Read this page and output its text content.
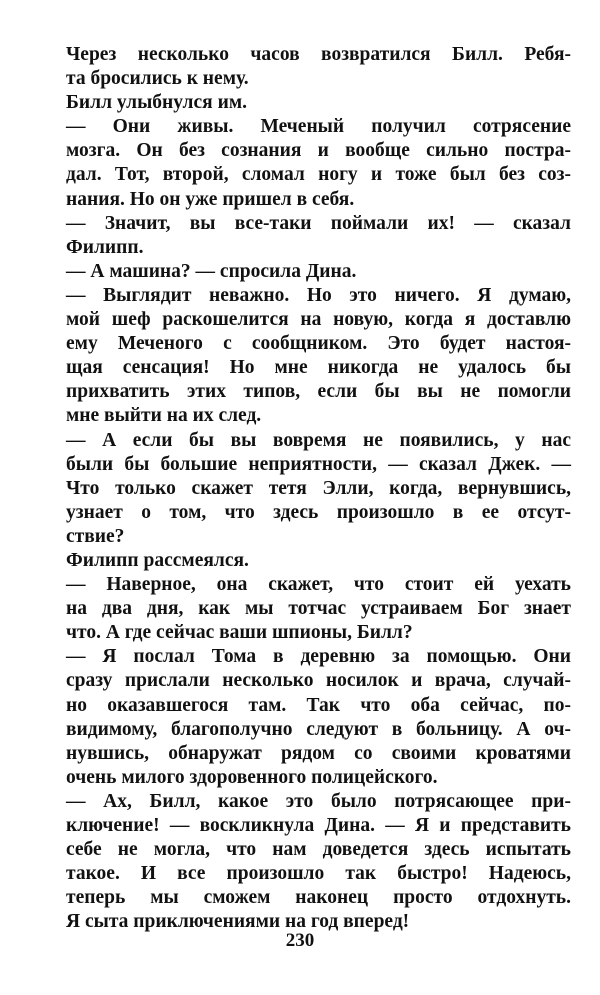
Через несколько часов возвратился Билл. Ребя-
та бросились к нему.
Билл улыбнулся им.
— Они живы. Меченый получил сотрясение
мозга. Он без сознания и вообще сильно постра-
дал. Тот, второй, сломал ногу и тоже был без соз-
нания. Но он уже пришел в себя.
— Значит, вы все-таки поймали их! — сказал
Филипп.
— А машина? — спросила Дина.
— Выглядит неважно. Но это ничего. Я думаю,
мой шеф раскошелится на новую, когда я доставлю
ему Меченого с сообщником. Это будет настоя-
щая сенсация! Но мне никогда не удалось бы
прихватить этих типов, если бы вы не помогли
мне выйти на их след.
— А если бы вы вовремя не появились, у нас
были бы большие неприятности, — сказал Джек. —
Что только скажет тетя Элли, когда, вернувшись,
узнает о том, что здесь произошло в ее отсут-
ствие?
Филипп рассмеялся.
— Наверное, она скажет, что стоит ей уехать
на два дня, как мы тотчас устраиваем Бог знает
что. А где сейчас ваши шпионы, Билл?
— Я послал Тома в деревню за помощью. Они
сразу прислали несколько носилок и врача, случай-
но оказавшегося там. Так что оба сейчас, по-
видимому, благополучно следуют в больницу. А оч-
нувшись, обнаружат рядом со своими кроватями
очень милого здоровенного полицейского.
— Ах, Билл, какое это было потрясающее при-
ключение! — воскликнула Дина. — Я и представить
себе не могла, что нам доведется здесь испытать
такое. И все произошло так быстро! Надеюсь,
теперь мы сможем наконец просто отдохнуть.
Я сыта приключениями на год вперед!
230
